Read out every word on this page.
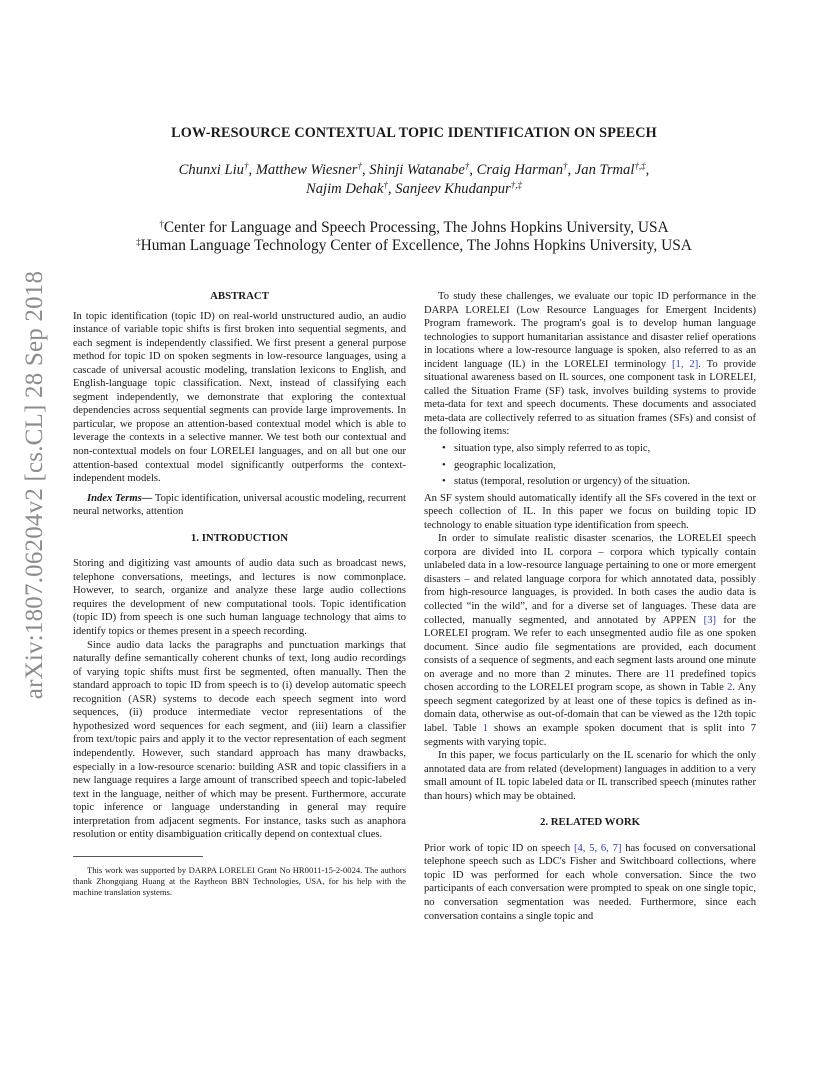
arXiv:1807.06204v2 [cs.CL] 28 Sep 2018
LOW-RESOURCE CONTEXTUAL TOPIC IDENTIFICATION ON SPEECH
Chunxi Liu†, Matthew Wiesner†, Shinji Watanabe†, Craig Harman†, Jan Trmal†,‡,
Najim Dehak†, Sanjeev Khudanpur†,‡
†Center for Language and Speech Processing, The Johns Hopkins University, USA
‡Human Language Technology Center of Excellence, The Johns Hopkins University, USA

ABSTRACT

In topic identification (topic ID) on real-world unstructured audio, an audio instance of variable topic shifts is first broken into sequential segments, and each segment is independently classified. We first present a general purpose method for topic ID on spoken segments in low-resource languages, using a cascade of universal acoustic modeling, translation lexicons to English, and English-language topic classification. Next, instead of classifying each segment independently, we demonstrate that exploring the contextual dependencies across sequential segments can provide large improvements. In particular, we propose an attention-based contextual model which is able to leverage the contexts in a selective manner. We test both our contextual and non-contextual models on four LORELEI languages, and on all but one our attention-based contextual model significantly outperforms the context-independent models.

Index Terms— Topic identification, universal acoustic modeling, recurrent neural networks, attention

1. INTRODUCTION

Storing and digitizing vast amounts of audio data such as broadcast news, telephone conversations, meetings, and lectures is now commonplace. However, to search, organize and analyze these large audio collections requires the development of new computational tools. Topic identification (topic ID) from speech is one such human language technology that aims to identify topics or themes present in a speech recording.

Since audio data lacks the paragraphs and punctuation markings that naturally define semantically coherent chunks of text, long audio recordings of varying topic shifts must first be segmented, often manually. Then the standard approach to topic ID from speech is to (i) develop automatic speech recognition (ASR) systems to decode each speech segment into word sequences, (ii) produce intermediate vector representations of the hypothesized word sequences for each segment, and (iii) learn a classifier from text/topic pairs and apply it to the vector representation of each segment independently. However, such standard approach has many drawbacks, especially in a low-resource scenario: building ASR and topic classifiers in a new language requires a large amount of transcribed speech and topic-labeled text in the language, neither of which may be present. Furthermore, accurate topic inference or language understanding in general may require interpretation from adjacent segments. For instance, tasks such as anaphora resolution or entity disambiguation critically depend on contextual clues.

This work was supported by DARPA LORELEI Grant No HR0011-15-2-0024. The authors thank Zhongqiang Huang at the Raytheon BBN Technologies, USA, for his help with the machine translation systems.

To study these challenges, we evaluate our topic ID performance in the DARPA LORELEI (Low Resource Languages for Emergent Incidents) Program framework. The program's goal is to develop human language technologies to support humanitarian assistance and disaster relief operations in locations where a low-resource language is spoken, also referred to as an incident language (IL) in the LORELEI terminology [1, 2]. To provide situational awareness based on IL sources, one component task in LORELEI, called the Situation Frame (SF) task, involves building systems to provide meta-data for text and speech documents. These documents and associated meta-data are collectively referred to as situation frames (SFs) and consist of the following items:

• situation type, also simply referred to as topic,
• geographic localization,
• status (temporal, resolution or urgency) of the situation.

An SF system should automatically identify all the SFs covered in the text or speech collection of IL. In this paper we focus on building topic ID technology to enable situation type identification from speech.

In order to simulate realistic disaster scenarios, the LORELEI speech corpora are divided into IL corpora – corpora which typically contain unlabeled data in a low-resource language pertaining to one or more emergent disasters – and related language corpora for which annotated data, possibly from high-resource languages, is provided. In both cases the audio data is collected “in the wild”, and for a diverse set of languages. These data are collected, manually segmented, and annotated by APPEN [3] for the LORELEI program. We refer to each unsegmented audio file as one spoken document. Since audio file segmentations are provided, each document consists of a sequence of segments, and each segment lasts around one minute on average and no more than 2 minutes. There are 11 predefined topics chosen according to the LORELEI program scope, as shown in Table 2. Any speech segment categorized by at least one of these topics is defined as in-domain data, otherwise as out-of-domain that can be viewed as the 12th topic label. Table 1 shows an example spoken document that is split into 7 segments with varying topic.

In this paper, we focus particularly on the IL scenario for which the only annotated data are from related (development) languages in addition to a very small amount of IL topic labeled data or IL transcribed speech (minutes rather than hours) which may be obtained.

2. RELATED WORK

Prior work of topic ID on speech [4, 5, 6, 7] has focused on conversational telephone speech such as LDC's Fisher and Switchboard collections, where topic ID was performed for each whole conversation. Since the two participants of each conversation were prompted to speak on one single topic, no conversation segmentation was needed. Furthermore, since each conversation contains a single topic and
